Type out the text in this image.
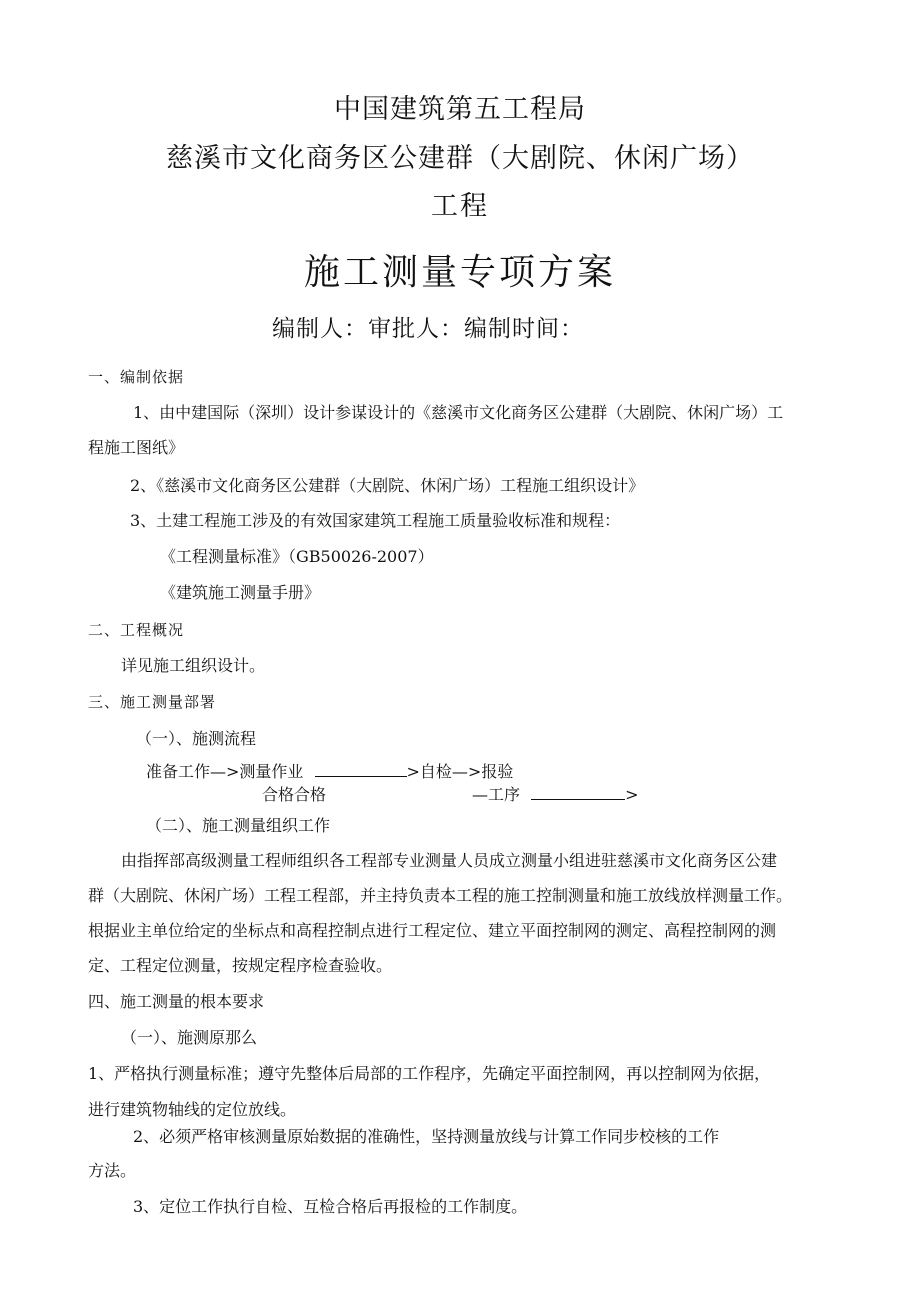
中国建筑第五工程局
慈溪市文化商务区公建群（大剧院、休闲广场）
工程
施工测量专项方案
编制人：审批人：编制时间：
一、编制依据
1、由中建国际（深圳）设计参谋设计的《慈溪市文化商务区公建群（大剧院、休闲广场）工
程施工图纸》
2、《慈溪市文化商务区公建群（大剧院、休闲广场）工程施工组织设计》
3、土建工程施工涉及的有效国家建筑工程施工质量验收标准和规程：
《工程测量标准》（GB50026-2007）
《建筑施工测量手册》
二、工程概况
详见施工组织设计。
三、施工测量部署
（一）、施测流程
准备工作—>测量作业	>自检—>报验
合格合格	—工序	>
（二）、施工测量组织工作
由指挥部高级测量工程师组织各工程部专业测量人员成立测量小组进驻慈溪市文化商务区公建
群（大剧院、休闲广场）工程工程部，并主持负责本工程的施工控制测量和施工放线放样测量工作。
根据业主单位给定的坐标点和高程控制点进行工程定位、建立平面控制网的测定、高程控制网的测
定、工程定位测量，按规定程序检查验收。
四、施工测量的根本要求
（一）、施测原那么
1、严格执行测量标准；遵守先整体后局部的工作程序，先确定平面控制网，再以控制网为依据，
进行建筑物轴线的定位放线。
2、必须严格审核测量原始数据的准确性，坚持测量放线与计算工作同步校核的工作
方法。
3、定位工作执行自检、互检合格后再报检的工作制度。
